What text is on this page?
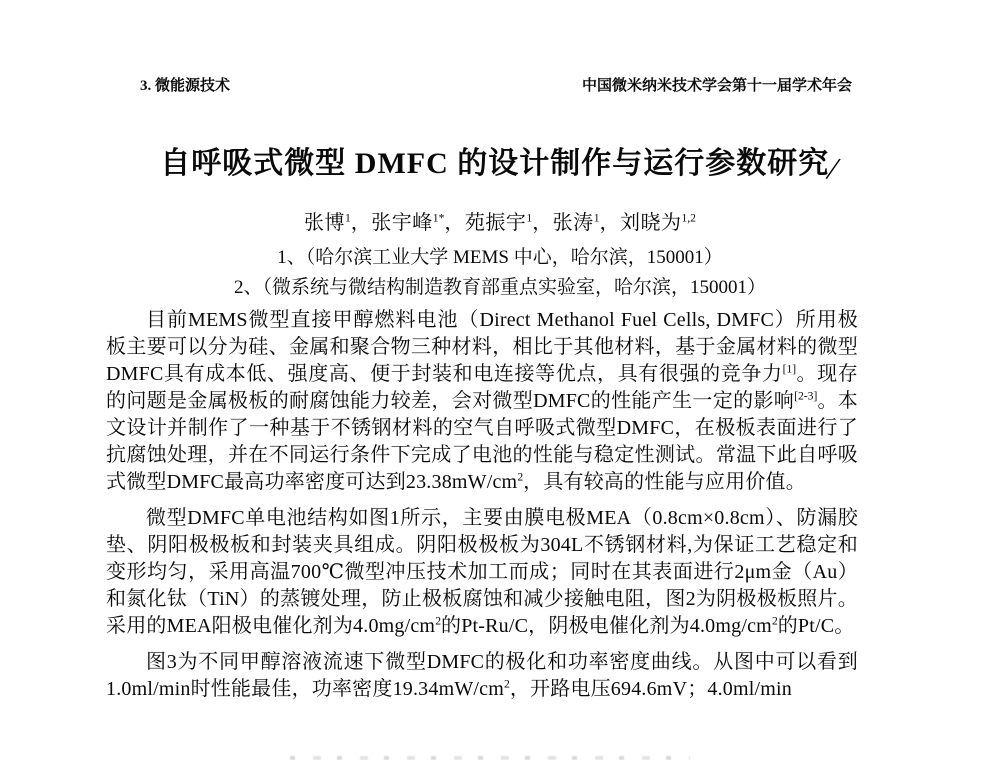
3. 微能源技术	中国微米纳米技术学会第十一届学术年会
自呼吸式微型 DMFC 的设计制作与运行参数研究/
张博$^1$，张宇峰$^{1*}$，苑振宇$^1$，张涛$^1$，刘晓为$^{1,2}$
1、（哈尔滨工业大学 MEMS 中心，哈尔滨，150001）
2、（微系统与微结构制造教育部重点实验室，哈尔滨，150001）

目前MEMS微型直接甲醇燃料电池（Direct Methanol Fuel Cells, DMFC）所用极板主要可以分为硅、金属和聚合物三种材料，相比于其他材料，基于金属材料的微型DMFC具有成本低、强度高、便于封装和电连接等优点，具有很强的竞争力[1]。现存的问题是金属极板的耐腐蚀能力较差，会对微型DMFC的性能产生一定的影响[2-3]。本文设计并制作了一种基于不锈钢材料的空气自呼吸式微型DMFC，在极板表面进行了抗腐蚀处理，并在不同运行条件下完成了电池的性能与稳定性测试。常温下此自呼吸式微型DMFC最高功率密度可达到$23.38mW/cm^2$，具有较高的性能与应用价值。

微型DMFC单电池结构如图1所示，主要由膜电极MEA（0.8cm×0.8cm）、防漏胶垫、阴阳极极板和封装夹具组成。阴阳极极板为304L不锈钢材料,为保证工艺稳定和变形均匀，采用高温700℃微型冲压技术加工而成；同时在其表面进行2μm金（Au）和氮化钛（TiN）的蒸镀处理，防止极板腐蚀和减少接触电阻，图2为阴极极板照片。采用的MEA阳极电催化剂为$4.0mg/cm^2$的Pt-Ru/C，阴极电催化剂为$4.0mg/cm^2$的Pt/C。

图3为不同甲醇溶液流速下微型DMFC的极化和功率密度曲线。从图中可以看到1.0ml/min时性能最佳，功率密度$19.34mW/cm^2$，开路电压694.6mV；4.0ml/min
